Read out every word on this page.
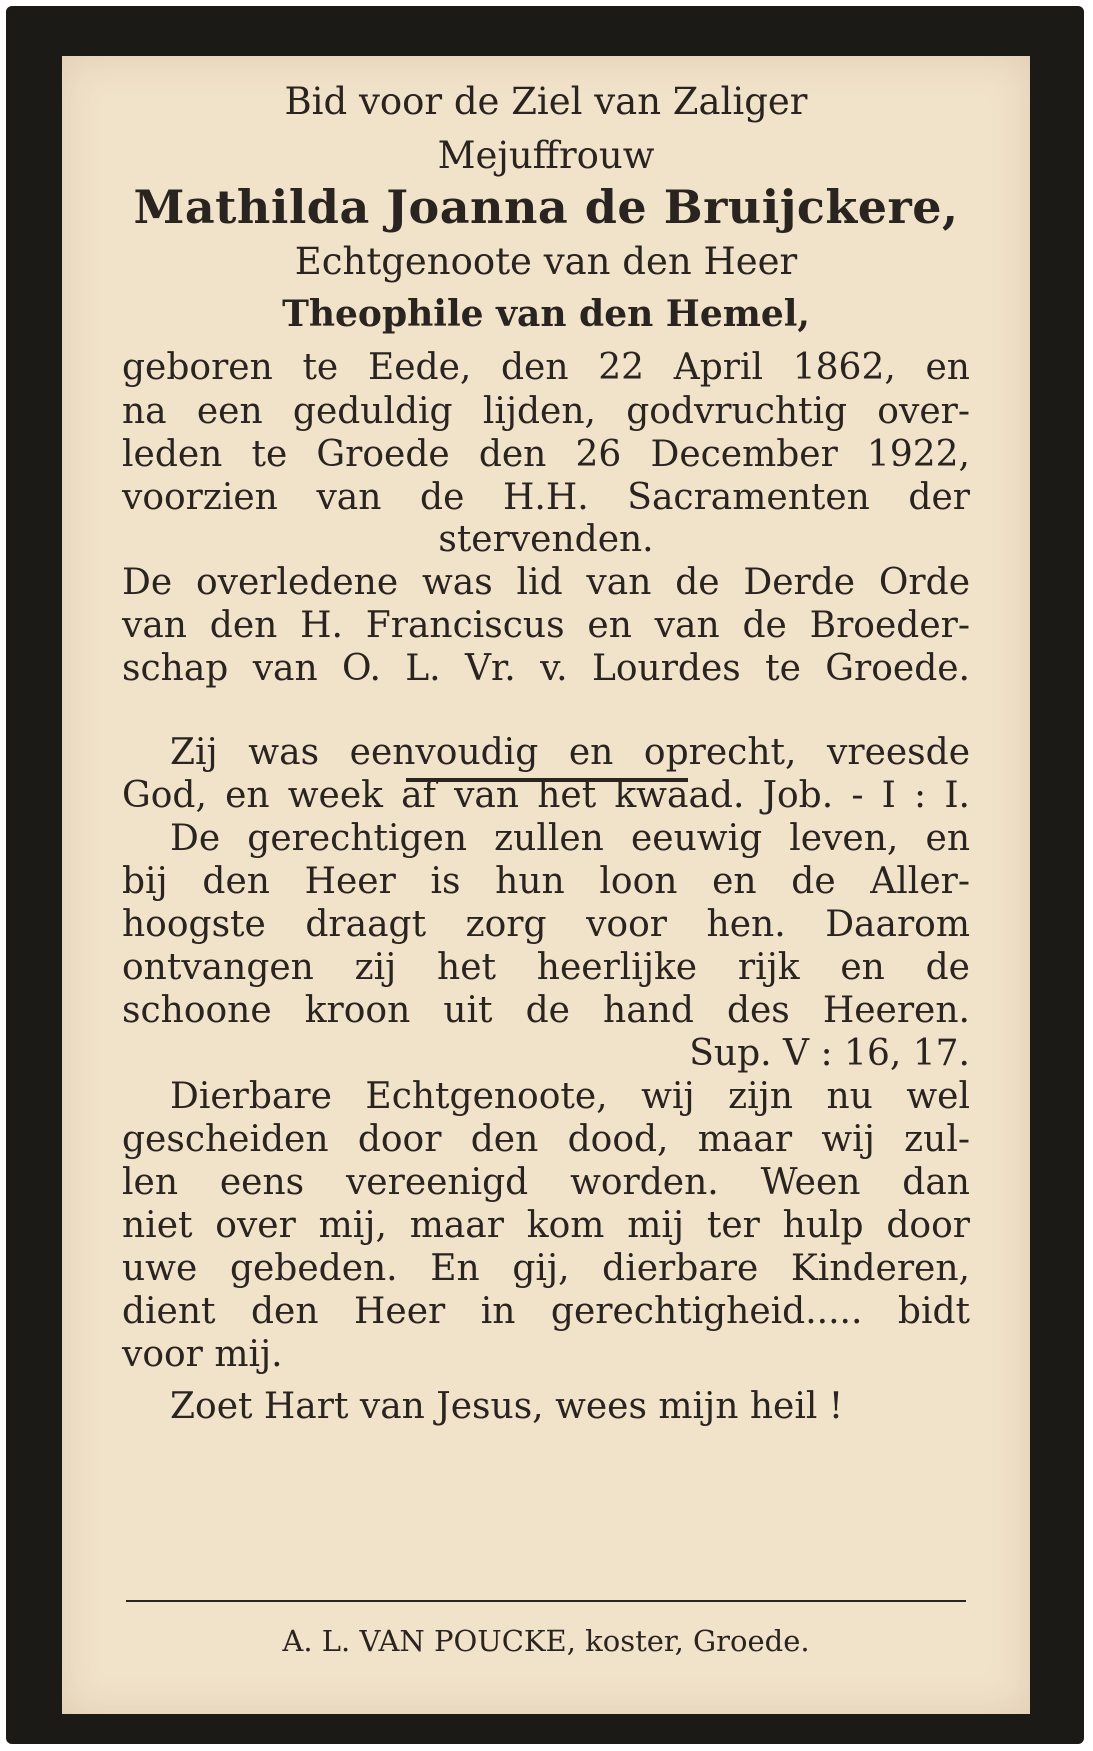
Bid voor de Ziel van Zaliger
Mejuffrouw
Mathilda Joanna de Bruijckere,
Echtgenoote van den Heer
Theophile van den Hemel,
geboren te Eede, den 22 April 1862, en
na een geduldig lijden, godvruchtig over-
leden te Groede den 26 December 1922,
voorzien van de H.H. Sacramenten der
stervenden.
De overledene was lid van de Derde Orde
van den H. Franciscus en van de Broeder-
schap van O. L. Vr. v. Lourdes te Groede.
Zij was eenvoudig en oprecht, vreesde
God, en week af van het kwaad. Job. - I : I.
De gerechtigen zullen eeuwig leven, en
bij den Heer is hun loon en de Aller-
hoogste draagt zorg voor hen. Daarom
ontvangen zij het heerlijke rijk en de
schoone kroon uit de hand des Heeren.
Sup. V : 16, 17.
Dierbare Echtgenoote, wij zijn nu wel
gescheiden door den dood, maar wij zul-
len eens vereenigd worden. Ween dan
niet over mij, maar kom mij ter hulp door
uwe gebeden. En gij, dierbare Kinderen,
dient den Heer in gerechtigheid..... bidt
voor mij.
Zoet Hart van Jesus, wees mijn heil !
A. L. VAN POUCKE, koster, Groede.
